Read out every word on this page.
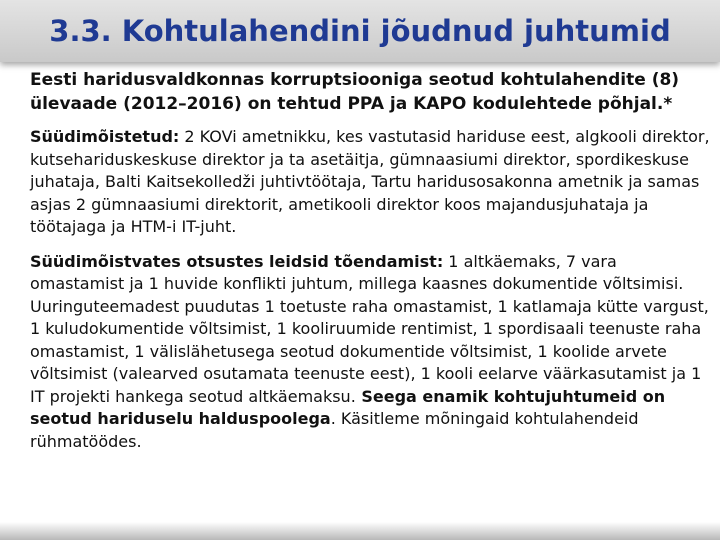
3.3. Kohtulahendini jõudnud juhtumid

Eesti haridusvaldkonnas korruptsiooniga seotud kohtulahendite (8) ülevaade (2012–2016) on tehtud PPA ja KAPO kodulehtede põhjal.*

Süüdimõistetud: 2 KOVi ametnikku, kes vastutasid hariduse eest, algkooli direktor, kutsehariduskeskuse direktor ja ta asetäitja, gümnaasiumi direktor, spordikeskuse juhataja, Balti Kaitsekolledži juhtivtöötaja, Tartu haridusosakonna ametnik ja samas asjas 2 gümnaasiumi direktorit, ametikooli direktor koos majandusjuhataja ja töötajaga ja HTM-i IT-juht.

Süüdimõistvates otsustes leidsid tõendamist: 1 altkäemaks, 7 vara omastamist ja 1 huvide konflikti juhtum, millega kaasnes dokumentide võltsimisi. Uuringuteemadest puudutas 1 toetuste raha omastamist, 1 katlamaja kütte vargust, 1 kuludokumentide võltsimist, 1 kooliruumide rentimist, 1 spordisaali teenuste raha omastamist, 1 välislähetusega seotud dokumentide võltsimist, 1 koolide arvete võltsimist (valearved osutamata teenuste eest), 1 kooli eelarve väärkasutamist ja 1 IT projekti hankega seotud altkäemaksu. Seega enamik kohtujuhtumeid on seotud hariduselu halduspoolega. Käsitleme mõningaid kohtulahendeid rühmatöödes.
